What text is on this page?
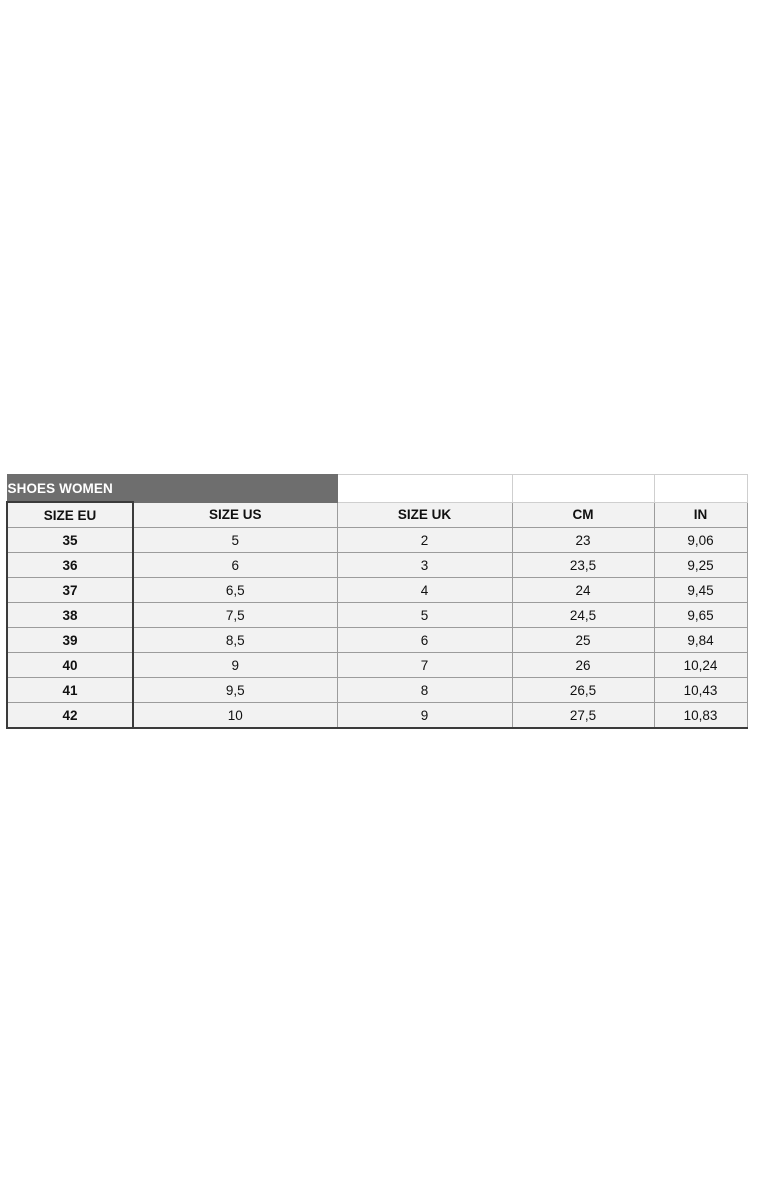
SHOES WOMEN				
SIZE EU	SIZE US	SIZE UK	CM	IN
35	5	2	23	9,06
36	6	3	23,5	9,25
37	6,5	4	24	9,45
38	7,5	5	24,5	9,65
39	8,5	6	25	9,84
40	9	7	26	10,24
41	9,5	8	26,5	10,43
42	10	9	27,5	10,83
